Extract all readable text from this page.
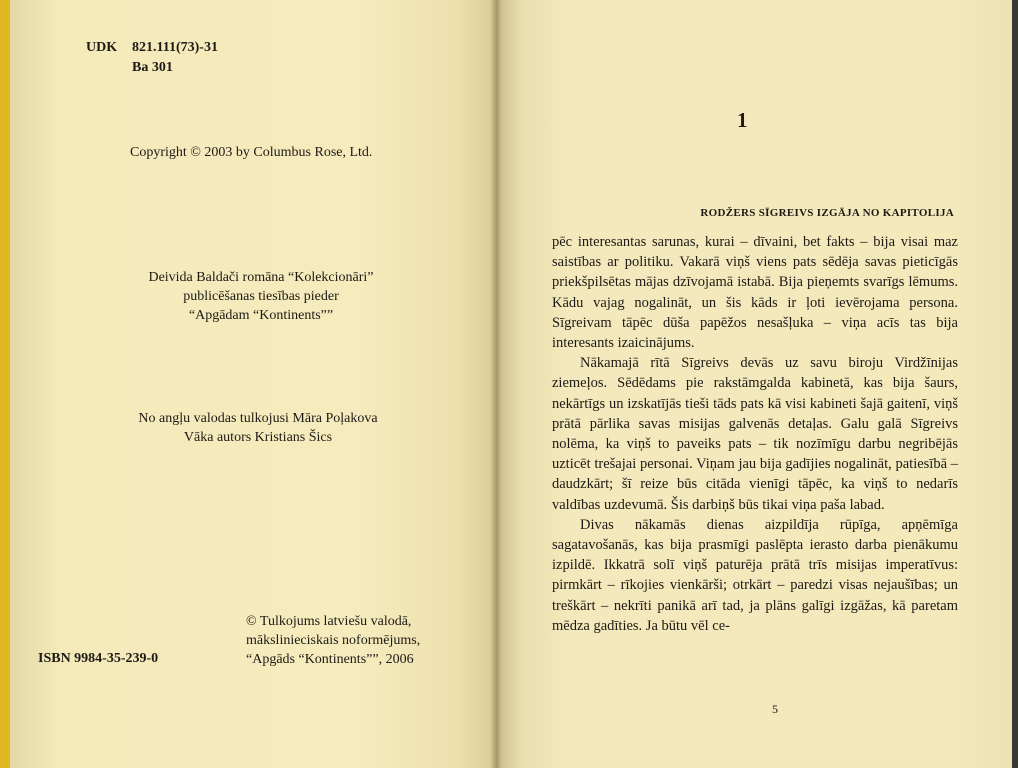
UDK 821.111(73)-31
Ba 301
Copyright © 2003 by Columbus Rose, Ltd.
Deivida Baldači romāna “Kolekcionāri”
publicēšanas tiesības pieder
“Apgādam “Kontinents””
No angļu valodas tulkojusi Māra Poļakova
Vāka autors Kristians Šics
ISBN 9984-35-239-0
© Tulkojums latviešu valodā,
mākslinieciskais noformējums,
“Apgāds “Kontinents””, 2006
1
RODŽERS SĪGREIVS IZGĀJA NO KAPITOLIJA

pēc interesantas sarunas, kurai – dīvaini, bet fakts – bija visai maz saistības ar politiku. Vakarā viņš viens pats sēdēja savas pieticīgās priekšpilsētas mājas dzīvojamā istabā. Bija pieņemts svarīgs lēmums. Kādu vajag nogalināt, un šis kāds ir ļoti ievērojama persona. Sīgreivam tāpēc dūša papēžos nesašļuka – viņa acīs tas bija interesants izaicinājums.

Nākamajā rītā Sīgreivs devās uz savu biroju Virdžīnijas ziemeļos. Sēdēdams pie rakstāmgalda kabinetā, kas bija šaurs, nekārtīgs un izskatījās tieši tāds pats kā visi kabineti šajā gaitenī, viņš prātā pārlika savas misijas galvenās detaļas. Galu galā Sīgreivs nolēma, ka viņš to paveiks pats – tik nozīmīgu darbu negribējās uzticēt trešajai personai. Viņam jau bija gadījies nogalināt, patiesībā – daudzkārt; šī reize būs citāda vienīgi tāpēc, ka viņš to nedarīs valdības uzdevumā. Šis darbiņš būs tikai viņa paša labad.

Divas nākamās dienas aizpildīja rūpīga, apņēmīga sagatavošanās, kas bija prasmīgi paslēpta ierasto darba pienākumu izpildē. Ikkatrā solī viņš paturēja prātā trīs misijas imperatīvus: pirmkārt – rīkojies vienkārši; otrkārt – paredzi visas nejaušības; un treškārt – nekrīti panikā arī tad, ja plāns galīgi izgāžas, kā paretam mēdza gadīties. Ja būtu vēl ce-

5
